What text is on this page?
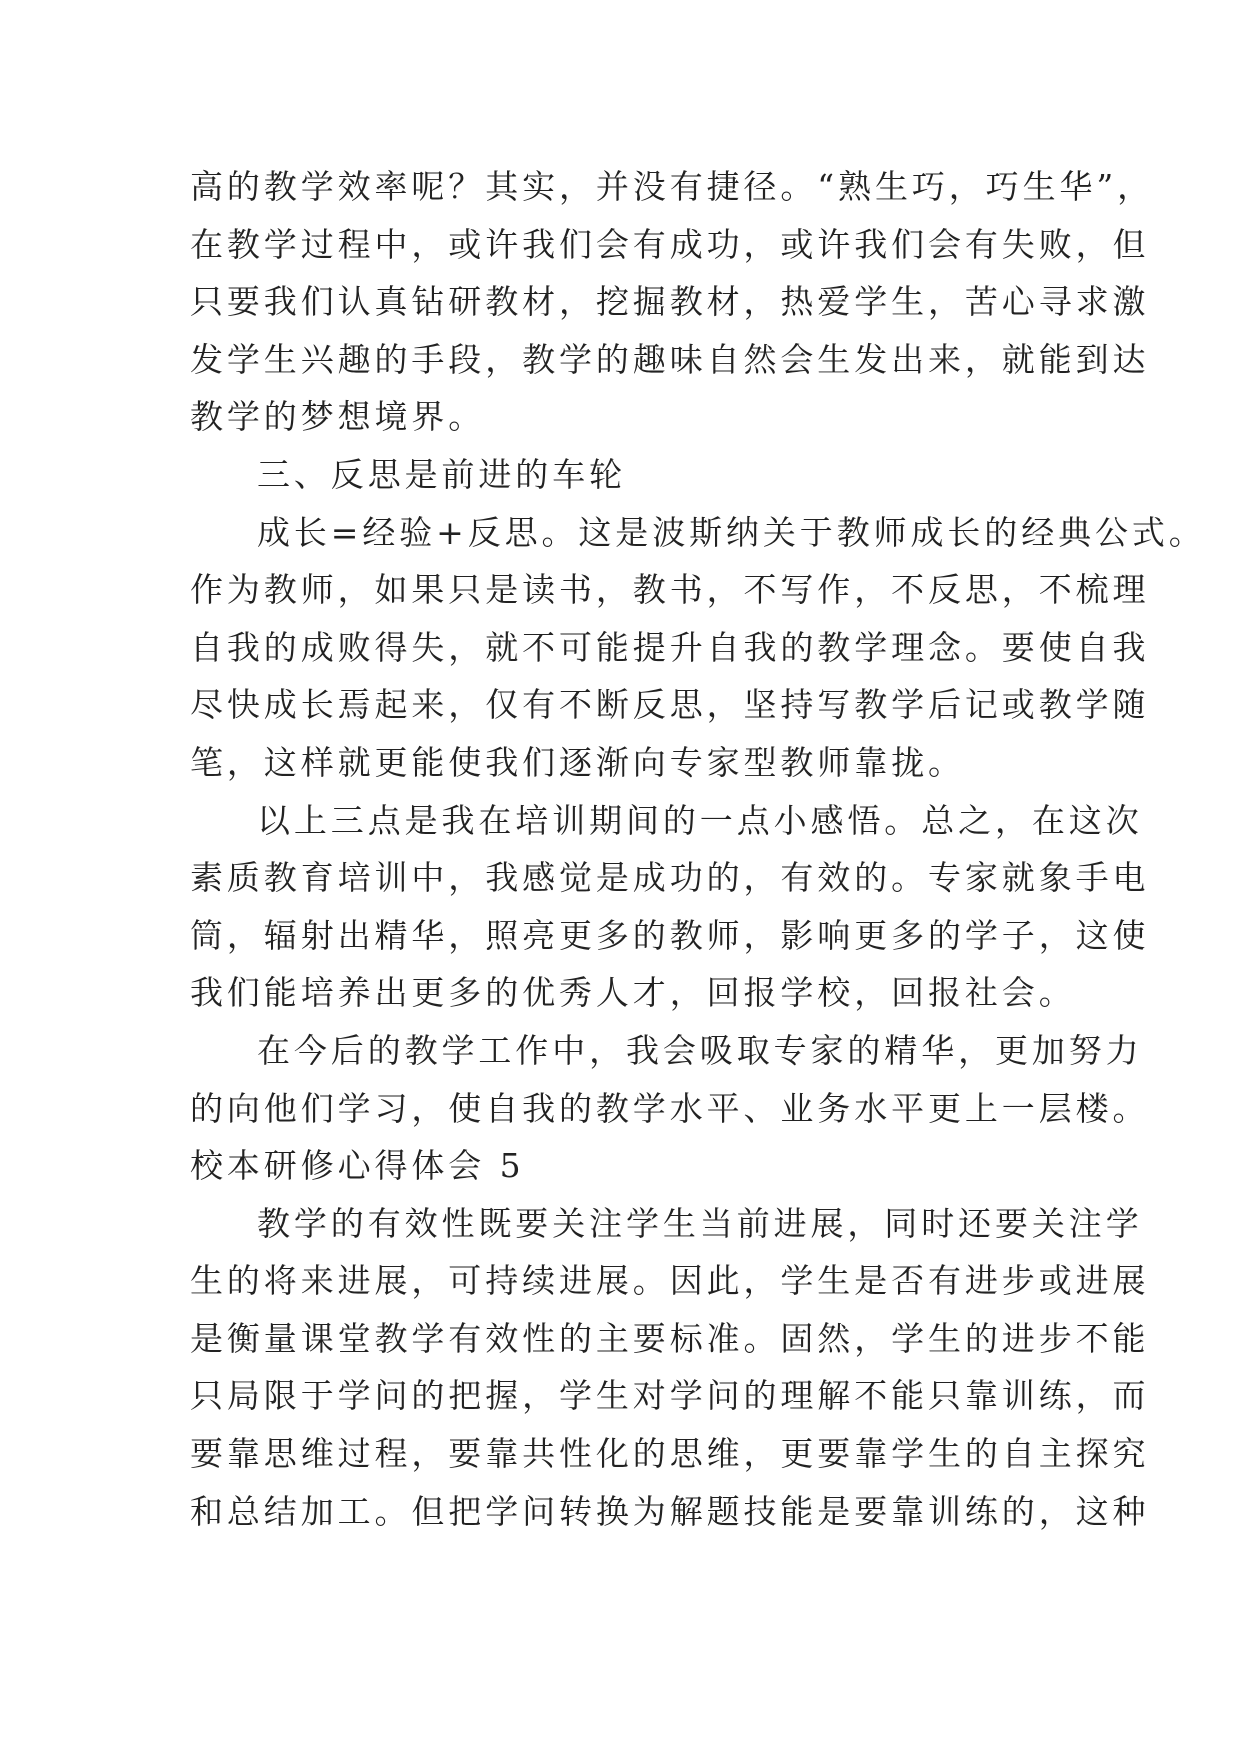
高的教学效率呢？其实，并没有捷径。“熟生巧，巧生华”，
在教学过程中，或许我们会有成功，或许我们会有失败，但
只要我们认真钻研教材，挖掘教材，热爱学生，苦心寻求激
发学生兴趣的手段，教学的趣味自然会生发出来，就能到达
教学的梦想境界。
三、反思是前进的车轮
成长=经验+反思。这是波斯纳关于教师成长的经典公式。
作为教师，如果只是读书，教书，不写作，不反思，不梳理
自我的成败得失，就不可能提升自我的教学理念。要使自我
尽快成长焉起来，仅有不断反思，坚持写教学后记或教学随
笔，这样就更能使我们逐渐向专家型教师靠拢。
以上三点是我在培训期间的一点小感悟。总之，在这次
素质教育培训中，我感觉是成功的，有效的。专家就象手电
筒，辐射出精华，照亮更多的教师，影响更多的学子，这使
我们能培养出更多的优秀人才，回报学校，回报社会。
在今后的教学工作中，我会吸取专家的精华，更加努力
的向他们学习，使自我的教学水平、业务水平更上一层楼。
校本研修心得体会 5
教学的有效性既要关注学生当前进展，同时还要关注学
生的将来进展，可持续进展。因此，学生是否有进步或进展
是衡量课堂教学有效性的主要标准。固然，学生的进步不能
只局限于学问的把握，学生对学问的理解不能只靠训练，而
要靠思维过程，要靠共性化的思维，更要靠学生的自主探究
和总结加工。但把学问转换为解题技能是要靠训练的，这种
